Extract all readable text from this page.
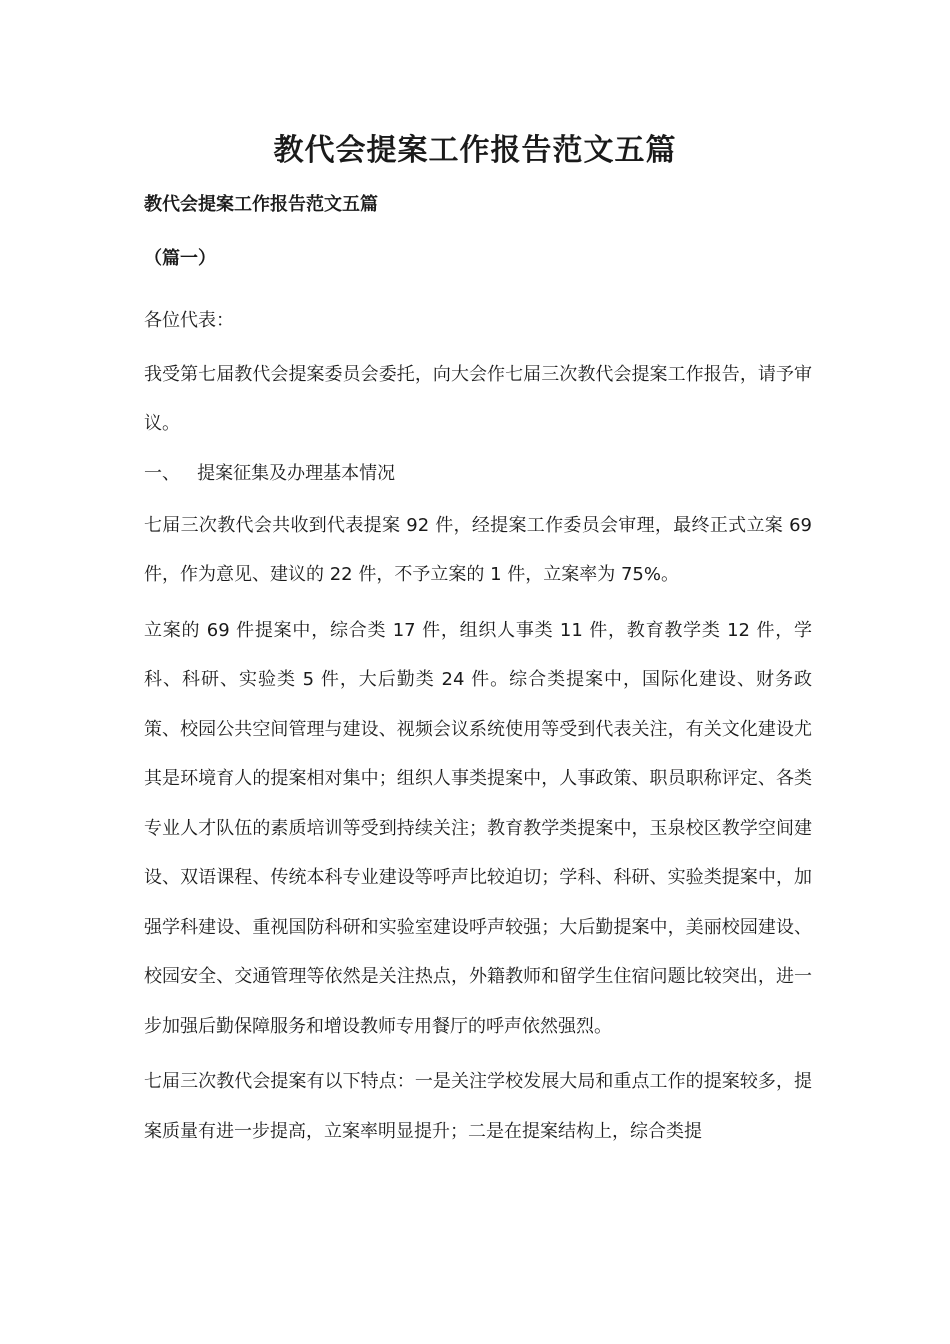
教代会提案工作报告范文五篇

教代会提案工作报告范文五篇

（篇一）

各位代表：

我受第七届教代会提案委员会委托，向大会作七届三次教代会提案工作报告，请予审议。

一、   提案征集及办理基本情况

七届三次教代会共收到代表提案 92 件，经提案工作委员会审理，最终正式立案 69 件，作为意见、建议的 22 件，不予立案的 1 件，立案率为 75%。

立案的 69 件提案中，综合类 17 件，组织人事类 11 件，教育教学类 12 件，学科、科研、实验类 5 件，大后勤类 24 件。综合类提案中，国际化建设、财务政策、校园公共空间管理与建设、视频会议系统使用等受到代表关注，有关文化建设尤其是环境育人的提案相对集中；组织人事类提案中，人事政策、职员职称评定、各类专业人才队伍的素质培训等受到持续关注；教育教学类提案中，玉泉校区教学空间建设、双语课程、传统本科专业建设等呼声比较迫切；学科、科研、实验类提案中，加强学科建设、重视国防科研和实验室建设呼声较强；大后勤提案中，美丽校园建设、校园安全、交通管理等依然是关注热点，外籍教师和留学生住宿问题比较突出，进一步加强后勤保障服务和增设教师专用餐厅的呼声依然强烈。

七届三次教代会提案有以下特点：一是关注学校发展大局和重点工作的提案较多，提案质量有进一步提高，立案率明显提升；二是在提案结构上，综合类提
